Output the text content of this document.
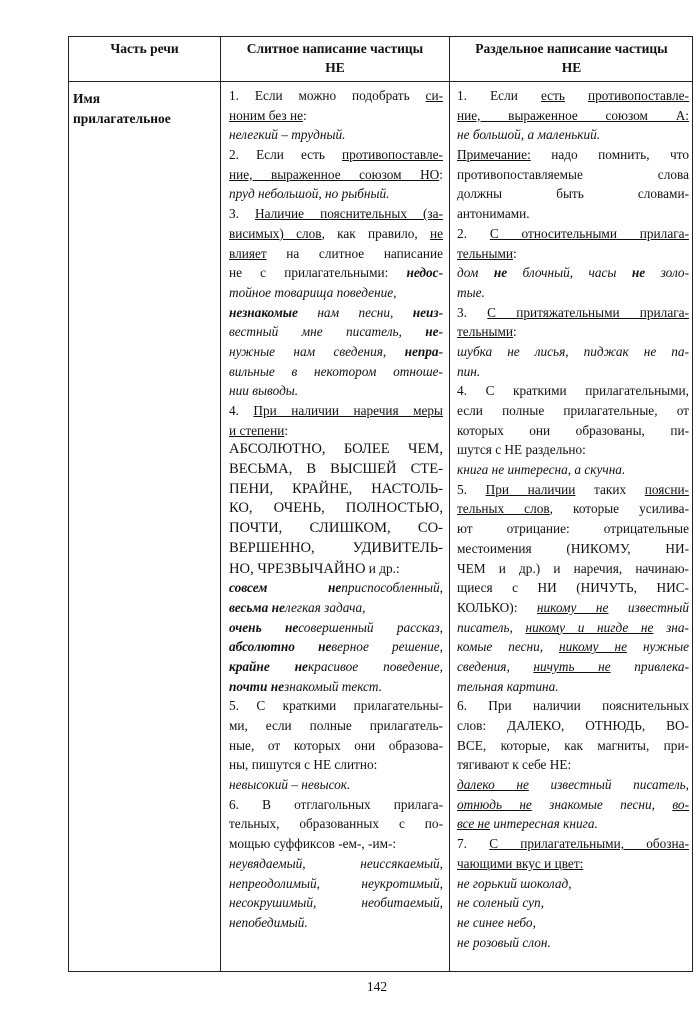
Часть речи	Слитное написание частицы
НЕ
Раздельное написание частицы
НЕ
Имя
прилагательное
1. Если можно подобрать си-
ноним без не:
нелегкий – трудный.
2. Если есть противопоставле-
ние, выраженное союзом НО:
пруд небольшой, но рыбный.
3. Наличие пояснительных (за-
висимых) слов, как правило, не
влияет на слитное написание
не с прилагательными: недос-
тойное товарища поведение,
незнакомые нам песни, неиз-
вестный мне писатель, не-
нужные нам сведения, непра-
вильные в некотором отноше-
нии выводы.
4. При наличии наречия меры
и степени:
АБСОЛЮТНО, БОЛЕЕ ЧЕМ,
ВЕСЬМА, В ВЫСШЕЙ СТЕ-
ПЕНИ, КРАЙНЕ, НАСТОЛЬ-
КО, ОЧЕНЬ, ПОЛНОСТЬЮ,
ПОЧТИ, СЛИШКОМ, СО-
ВЕРШЕННО, УДИВИТЕЛЬ-
НО, ЧРЕЗВЫЧАЙНО и др.:
совсем неприспособленный,
весьма нелегкая задача,
очень несовершенный рассказ,
абсолютно неверное решение,
крайне некрасивое поведение,
почти незнакомый текст.
5. С краткими прилагательны-
ми, если полные прилагатель-
ные, от которых они образова-
ны, пишутся с НЕ слитно:
невысокий – невысок.
6. В отглагольных прилага-
тельных, образованных с по-
мощью суффиксов -ем-, -им-:
неувядаемый, неиссякаемый,
непреодолимый, неукротимый,
несокрушимый, необитаемый,
непобедимый.
1. Если есть противопоставле-
ние, выраженное союзом А:
не большой, а маленький.
Примечание: надо помнить, что
противопоставляемые слова
должны быть словами-
антонимами.
2. С относительными прилага-
тельными:
дом не блочный, часы не золо-
тые.
3. С притяжательными прилага-
тельными:
шубка не лисья, пиджак не па-
пин.
4. С краткими прилагательными,
если полные прилагательные, от
которых они образованы, пи-
шутся с НЕ раздельно:
книга не интересна, а скучна.
5. При наличии таких поясни-
тельных слов, которые усилива-
ют отрицание: отрицательные
местоимения (НИКОМУ, НИ-
ЧЕМ и др.) и наречия, начинаю-
щиеся с НИ (НИЧУТЬ, НИС-
КОЛЬКО): никому не известный
писатель, никому и нигде не зна-
комые песни, никому не нужные
сведения, ничуть не привлека-
тельная картина.
6. При наличии пояснительных
слов: ДАЛЕКО, ОТНЮДЬ, ВО-
ВСЕ, которые, как магниты, при-
тягивают к себе НЕ:
далеко не известный писатель,
отнюдь не знакомые песни, во-
все не интересная книга.
7. С прилагательными, обозна-
чающими вкус и цвет:
не горький шоколад,
не соленый суп,
не синее небо,
не розовый слон.
142
